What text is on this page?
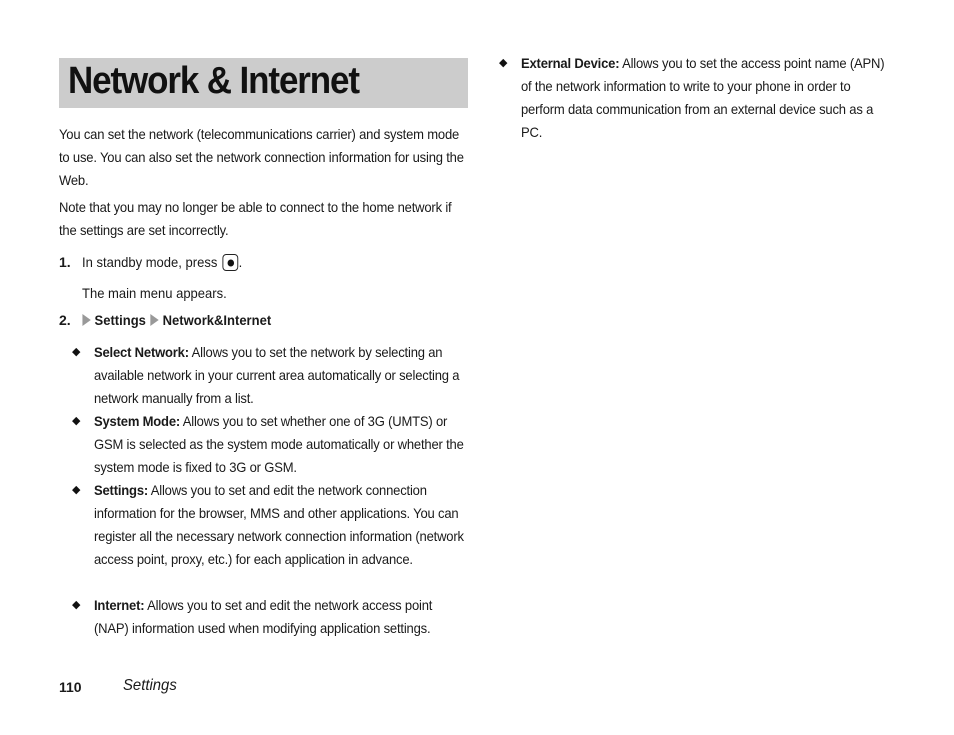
Network & Internet
You can set the network (telecommunications carrier) and system mode to use. You can also set the network connection information for using the Web.
Note that you may no longer be able to connect to the home network if the settings are set incorrectly.
1. In standby mode, press .
The main menu appears.
2.	Settings Network&Internet
◆ Select Network: Allows you to set the network by selecting an available network in your current area automatically or selecting a network manually from a list.
◆ System Mode: Allows you to set whether one of 3G (UMTS) or GSM is selected as the system mode automatically or whether the system mode is fixed to 3G or GSM.
◆ Settings: Allows you to set and edit the network connection information for the browser, MMS and other applications. You can register all the necessary network connection information (network access point, proxy, etc.) for each application in advance.
◆ Internet: Allows you to set and edit the network access point (NAP) information used when modifying application settings.
◆ External Device: Allows you to set the access point name (APN) of the network information to write to your phone in order to perform data communication from an external device such as a PC.
110	Settings
